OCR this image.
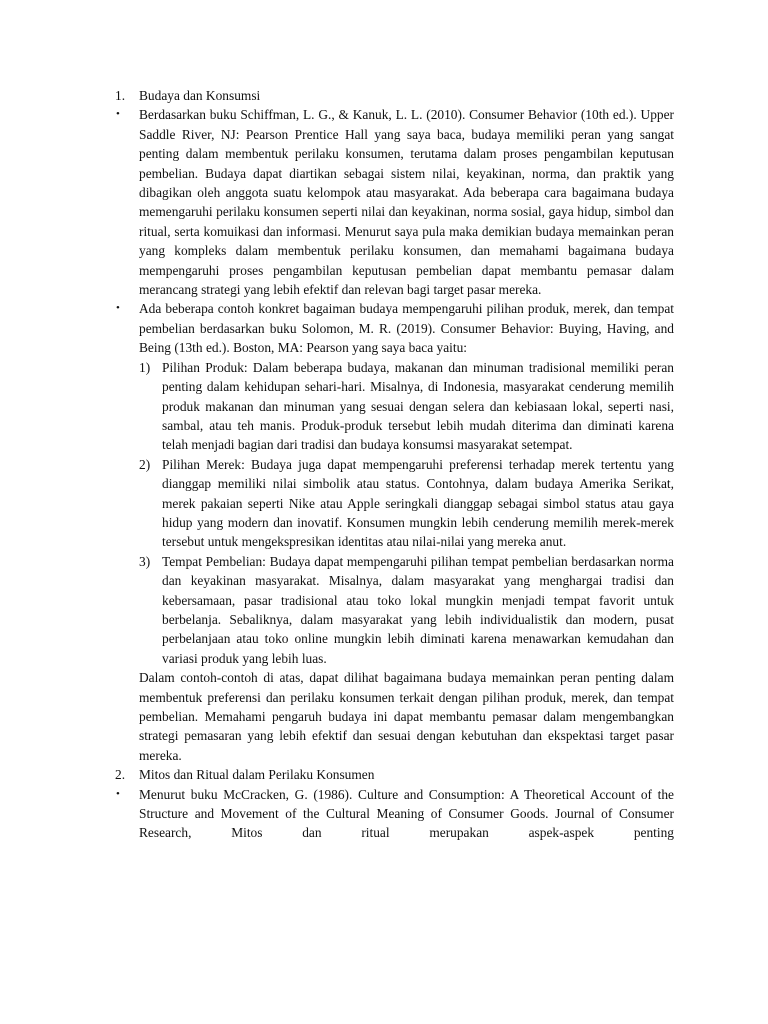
1. Budaya dan Konsumsi
• Berdasarkan buku Schiffman, L. G., & Kanuk, L. L. (2010). Consumer Behavior (10th ed.). Upper Saddle River, NJ: Pearson Prentice Hall yang saya baca, budaya memiliki peran yang sangat penting dalam membentuk perilaku konsumen, terutama dalam proses pengambilan keputusan pembelian. Budaya dapat diartikan sebagai sistem nilai, keyakinan, norma, dan praktik yang dibagikan oleh anggota suatu kelompok atau masyarakat. Ada beberapa cara bagaimana budaya memengaruhi perilaku konsumen seperti nilai dan keyakinan, norma sosial, gaya hidup, simbol dan ritual, serta komuikasi dan informasi. Menurut saya pula maka demikian budaya memainkan peran yang kompleks dalam membentuk perilaku konsumen, dan memahami bagaimana budaya mempengaruhi proses pengambilan keputusan pembelian dapat membantu pemasar dalam merancang strategi yang lebih efektif dan relevan bagi target pasar mereka.
• Ada beberapa contoh konkret bagaiman budaya mempengaruhi pilihan produk, merek, dan tempat pembelian berdasarkan buku Solomon, M. R. (2019). Consumer Behavior: Buying, Having, and Being (13th ed.). Boston, MA: Pearson yang saya baca yaitu:
1) Pilihan Produk: Dalam beberapa budaya, makanan dan minuman tradisional memiliki peran penting dalam kehidupan sehari-hari. Misalnya, di Indonesia, masyarakat cenderung memilih produk makanan dan minuman yang sesuai dengan selera dan kebiasaan lokal, seperti nasi, sambal, atau teh manis. Produk-produk tersebut lebih mudah diterima dan diminati karena telah menjadi bagian dari tradisi dan budaya konsumsi masyarakat setempat.
2) Pilihan Merek: Budaya juga dapat mempengaruhi preferensi terhadap merek tertentu yang dianggap memiliki nilai simbolik atau status. Contohnya, dalam budaya Amerika Serikat, merek pakaian seperti Nike atau Apple seringkali dianggap sebagai simbol status atau gaya hidup yang modern dan inovatif. Konsumen mungkin lebih cenderung memilih merek-merek tersebut untuk mengekspresikan identitas atau nilai-nilai yang mereka anut.
3) Tempat Pembelian: Budaya dapat mempengaruhi pilihan tempat pembelian berdasarkan norma dan keyakinan masyarakat. Misalnya, dalam masyarakat yang menghargai tradisi dan kebersamaan, pasar tradisional atau toko lokal mungkin menjadi tempat favorit untuk berbelanja. Sebaliknya, dalam masyarakat yang lebih individualistik dan modern, pusat perbelanjaan atau toko online mungkin lebih diminati karena menawarkan kemudahan dan variasi produk yang lebih luas.
Dalam contoh-contoh di atas, dapat dilihat bagaimana budaya memainkan peran penting dalam membentuk preferensi dan perilaku konsumen terkait dengan pilihan produk, merek, dan tempat pembelian. Memahami pengaruh budaya ini dapat membantu pemasar dalam mengembangkan strategi pemasaran yang lebih efektif dan sesuai dengan kebutuhan dan ekspektasi target pasar mereka.
2. Mitos dan Ritual dalam Perilaku Konsumen
• Menurut buku McCracken, G. (1986). Culture and Consumption: A Theoretical Account of the Structure and Movement of the Cultural Meaning of Consumer Goods. Journal of Consumer Research, Mitos dan ritual merupakan aspek-aspek penting
